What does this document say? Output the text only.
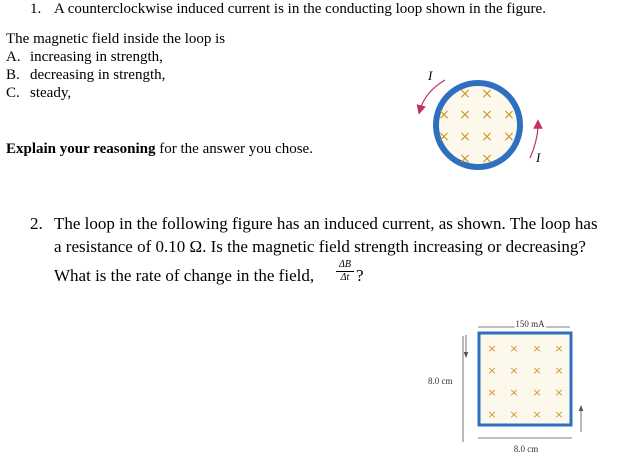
1. A counterclockwise induced current is in the conducting loop shown in the figure.
The magnetic field inside the loop is
A. increasing in strength,
B. decreasing in strength,
C. steady,
Explain your reasoning for the answer you chose.
2. The loop in the following figure has an induced current, as shown. The loop has
a resistance of 0.10 Ω. Is the magnetic field strength increasing or decreasing?
What is the rate of change in the field, $\frac{\Delta B}{\Delta t}$ ?
× ×
× × × ×
× × × ×
× ×
I
I
150 mA
× × × ×
× × × ×
× × × ×
× × × ×
8.0 cm
8.0 cm
